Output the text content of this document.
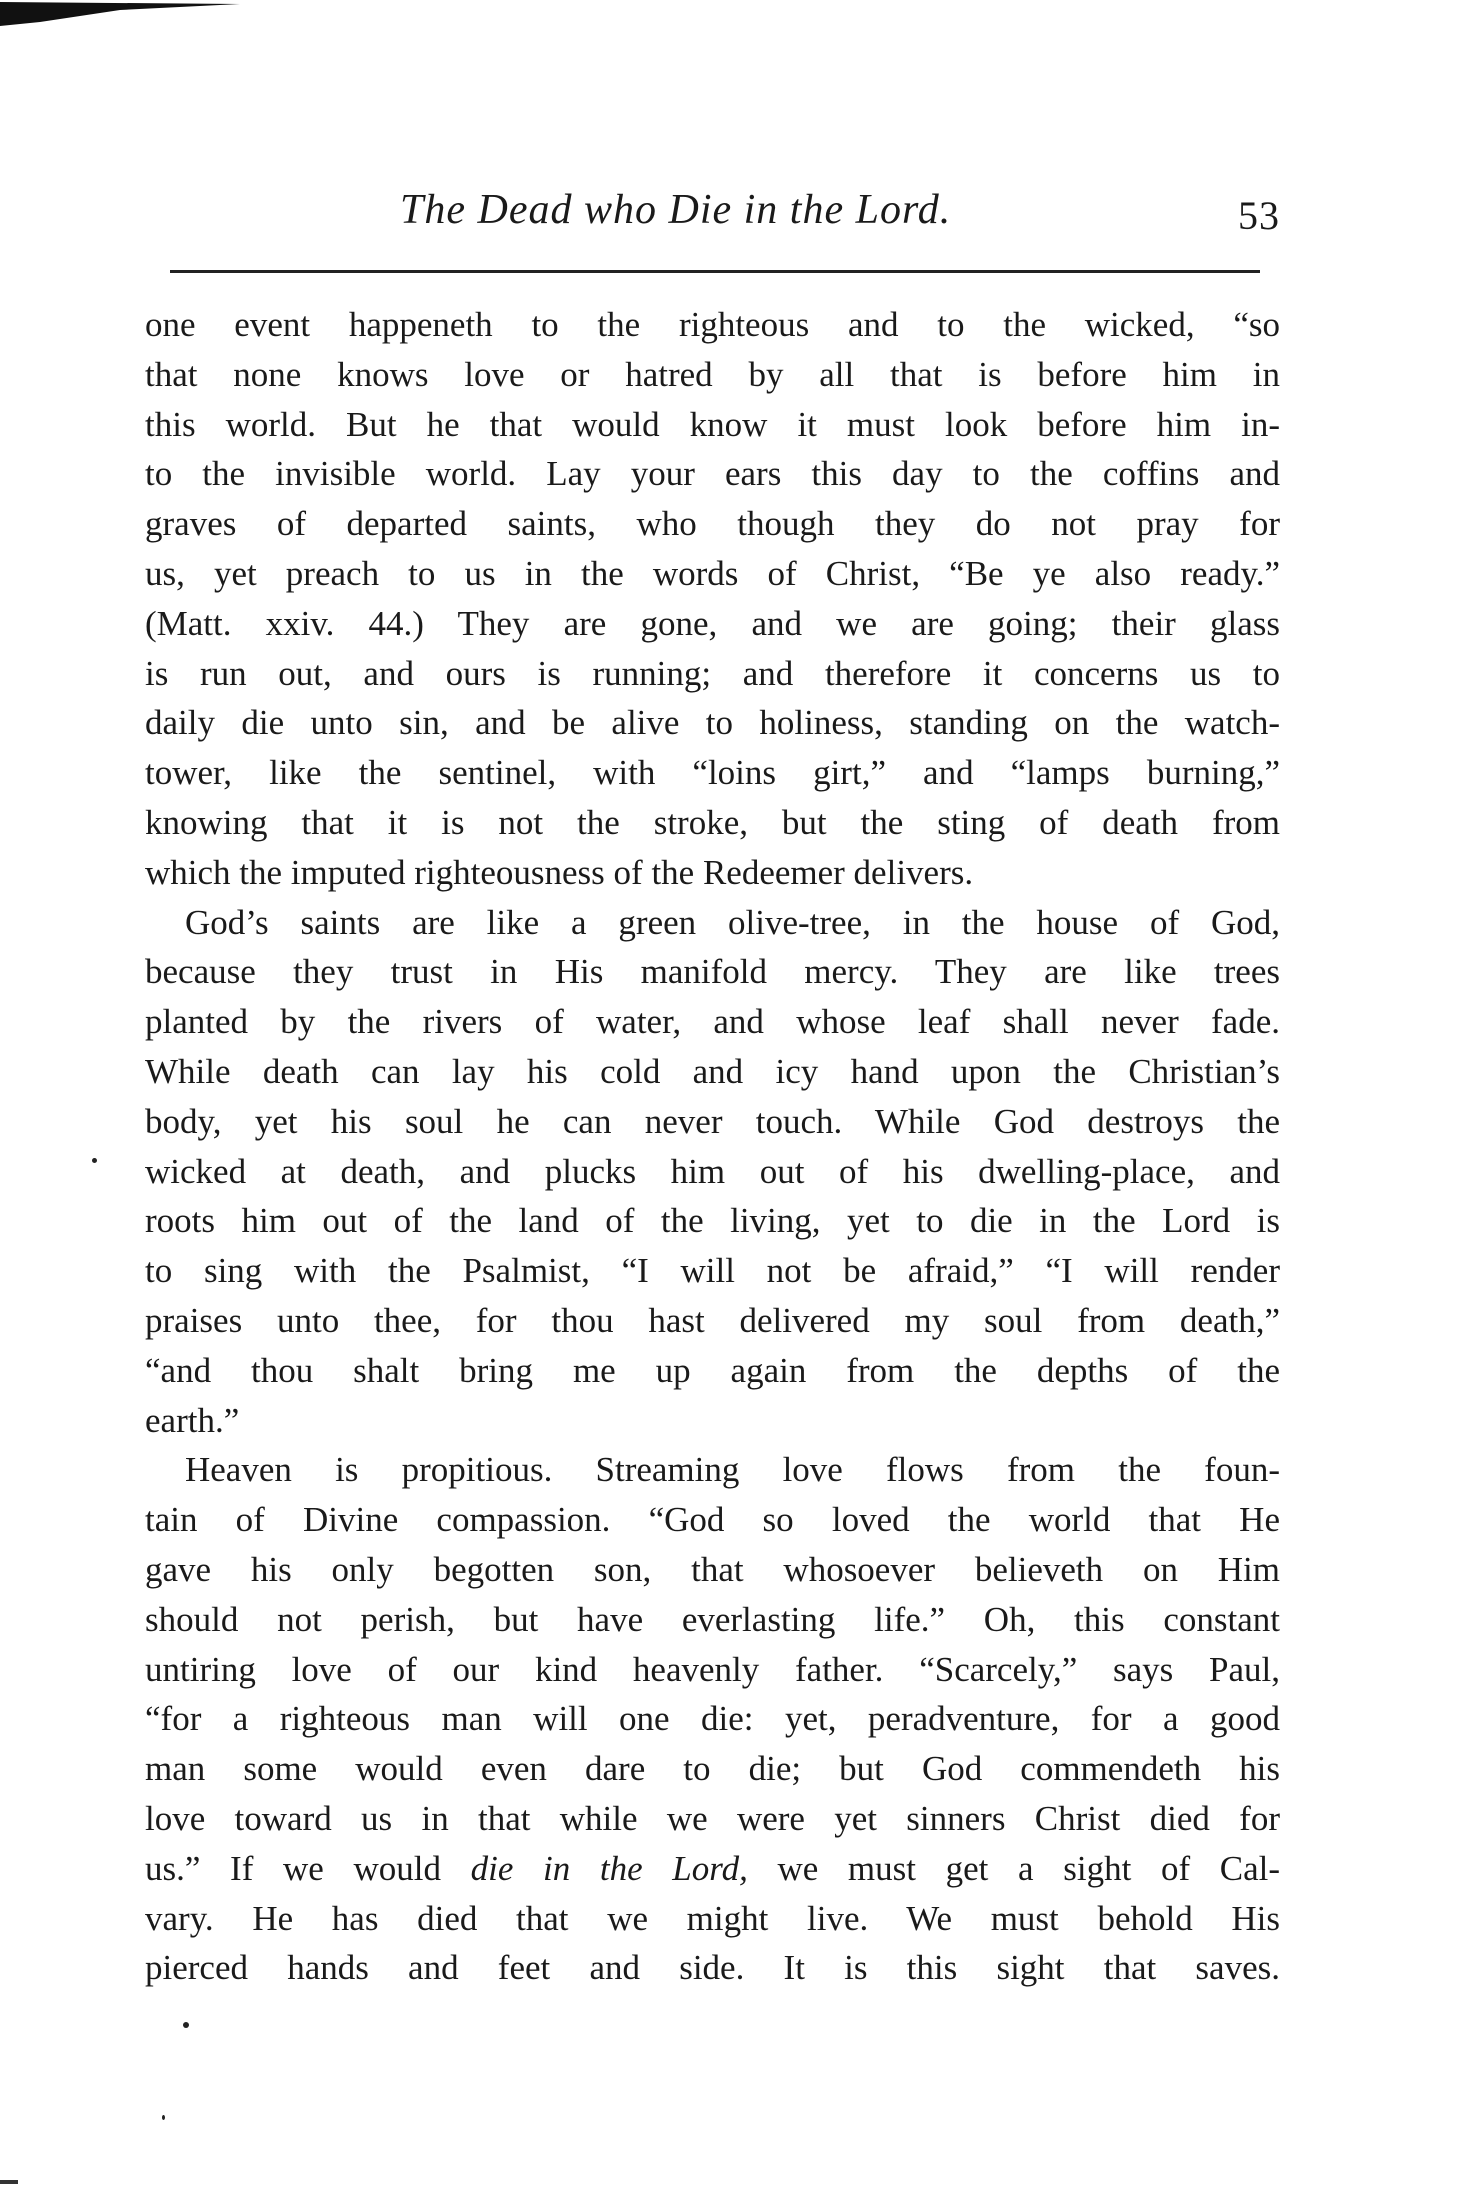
The Dead who Die in the Lord.	53

one event happeneth to the righteous and to the wicked, “so
that none knows love or hatred by all that is before him in
this world. But he that would know it must look before him in-
to the invisible world. Lay your ears this day to the coffins and
graves of departed saints, who though they do not pray for
us, yet preach to us in the words of Christ, “Be ye also ready.”
(Matt. xxiv. 44.) They are gone, and we are going; their glass
is run out, and ours is running; and therefore it concerns us to
daily die unto sin, and be alive to holiness, standing on the watch-
tower, like the sentinel, with “loins girt,” and “lamps burning,”
knowing that it is not the stroke, but the sting of death from
which the imputed righteousness of the Redeemer delivers.

God’s saints are like a green olive-tree, in the house of God,
because they trust in His manifold mercy. They are like trees
planted by the rivers of water, and whose leaf shall never fade.
While death can lay his cold and icy hand upon the Christian’s
body, yet his soul he can never touch. While God destroys the
wicked at death, and plucks him out of his dwelling-place, and
roots him out of the land of the living, yet to die in the Lord is
to sing with the Psalmist, “I will not be afraid,” “I will render
praises unto thee, for thou hast delivered my soul from death,”
“and thou shalt bring me up again from the depths of the
earth.”

Heaven is propitious. Streaming love flows from the foun-
tain of Divine compassion. “God so loved the world that He
gave his only begotten son, that whosoever believeth on Him
should not perish, but have everlasting life.” Oh, this constant
untiring love of our kind heavenly father. “Scarcely,” says Paul,
“for a righteous man will one die: yet, peradventure, for a good
man some would even dare to die; but God commendeth his
love toward us in that while we were yet sinners Christ died for
us.” If we would die in the Lord, we must get a sight of Cal-
vary. He has died that we might live. We must behold His
pierced hands and feet and side. It is this sight that saves.
